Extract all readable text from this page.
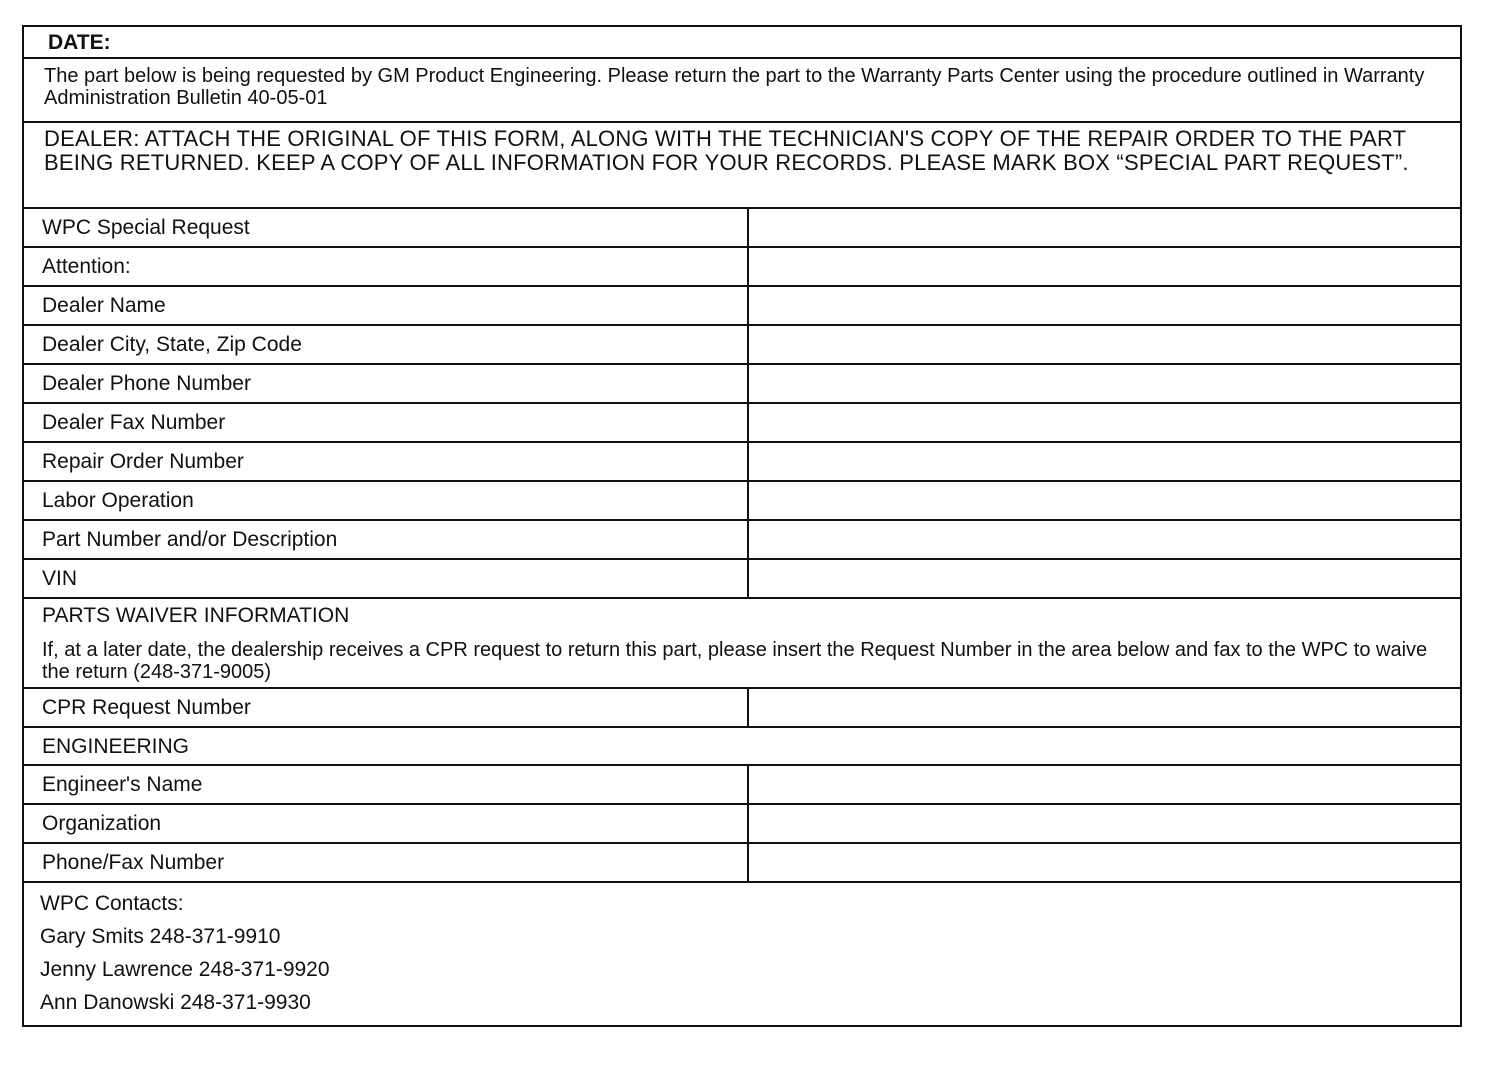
DATE:
The part below is being requested by GM Product Engineering. Please return the part to the Warranty Parts Center using the procedure outlined in Warranty Administration Bulletin 40-05-01
DEALER: ATTACH THE ORIGINAL OF THIS FORM, ALONG WITH THE TECHNICIAN'S COPY OF THE REPAIR ORDER TO THE PART BEING RETURNED. KEEP A COPY OF ALL INFORMATION FOR YOUR RECORDS. PLEASE MARK BOX “SPECIAL PART REQUEST”.
WPC Special Request
Attention:
Dealer Name
Dealer City, State, Zip Code
Dealer Phone Number
Dealer Fax Number
Repair Order Number
Labor Operation
Part Number and/or Description
VIN
PARTS WAIVER INFORMATION
If, at a later date, the dealership receives a CPR request to return this part, please insert the Request Number in the area below and fax to the WPC to waive the return (248-371-9005)
CPR Request Number
ENGINEERING
Engineer's Name
Organization
Phone/Fax Number
WPC Contacts:
Gary Smits 248-371-9910
Jenny Lawrence 248-371-9920
Ann Danowski 248-371-9930
